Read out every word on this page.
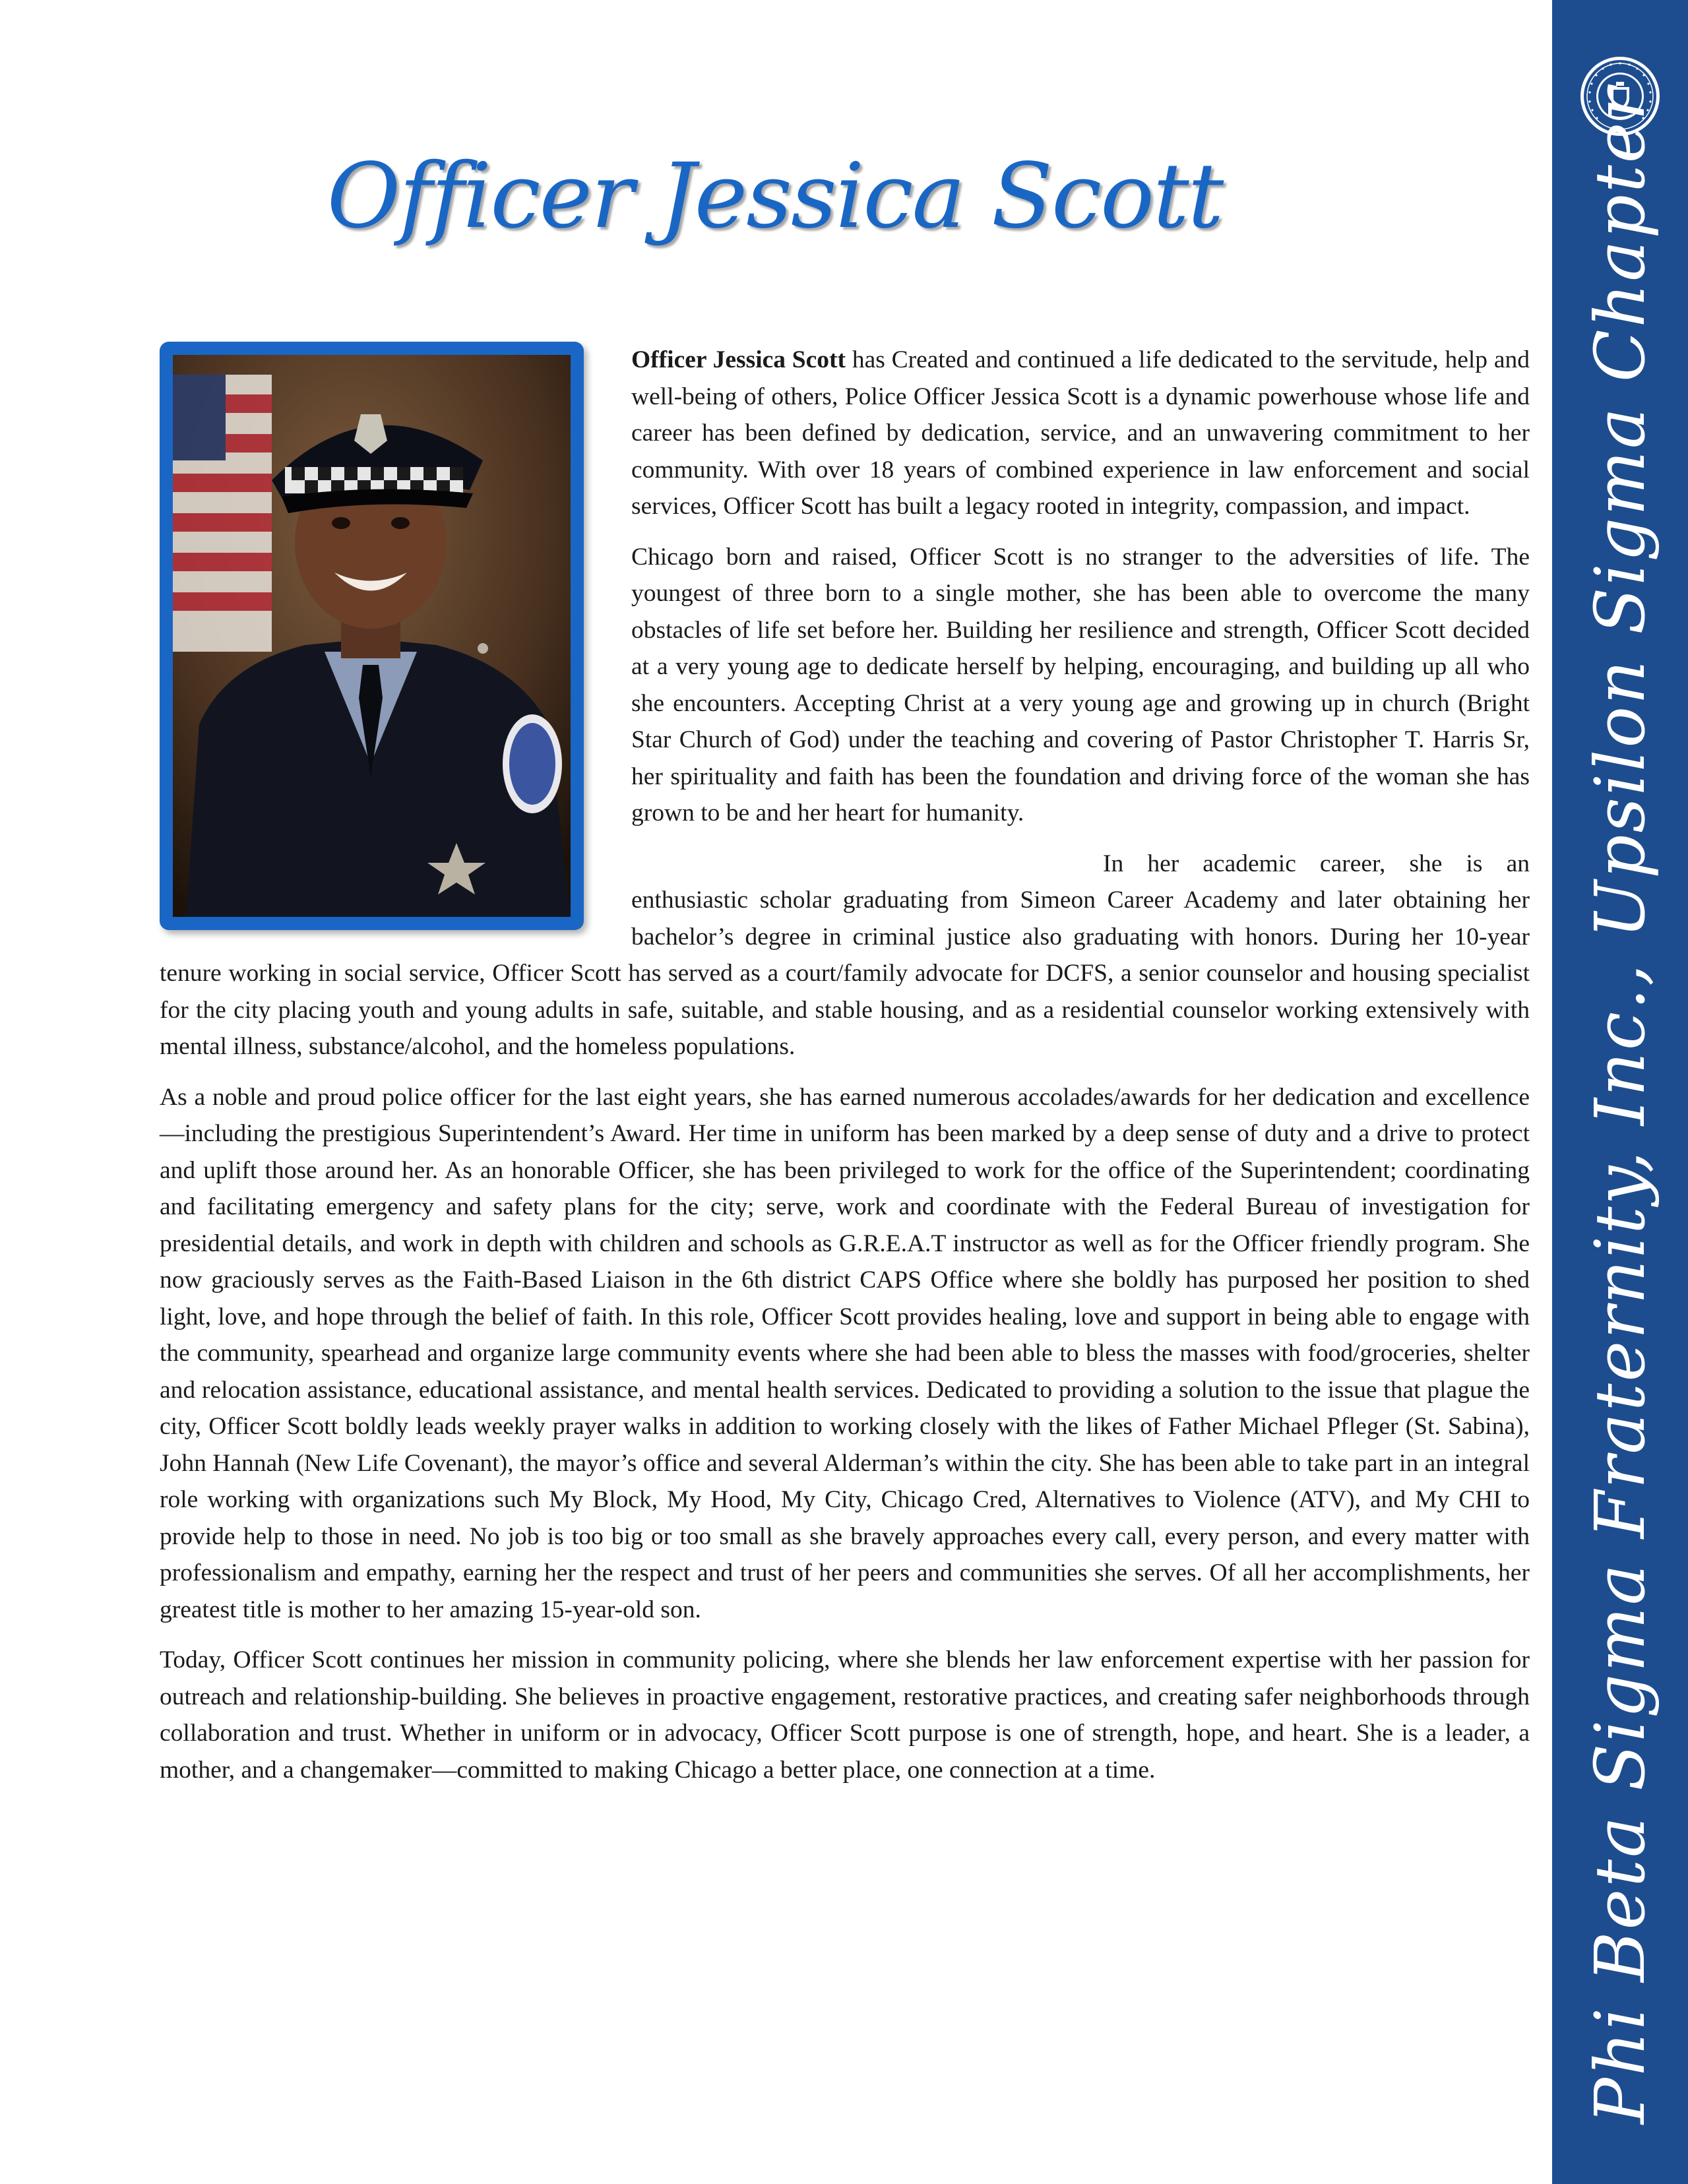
Phi Beta Sigma Fraternity, Inc., Upsilon Sigma Chapter
Officer Jessica Scott

Officer Jessica Scott has Created and continued a life dedicated to the servitude, help and well-being of others, Police Officer Jessica Scott is a dynamic powerhouse whose life and career has been defined by dedication, service, and an unwavering commitment to her community. With over 18 years of combined experience in law enforcement and social services, Officer Scott has built a legacy rooted in integrity, compassion, and impact.

Chicago born and raised, Officer Scott is no stranger to the adversities of life. The youngest of three born to a single mother, she has been able to overcome the many obstacles of life set before her. Building her resilience and strength, Officer Scott decided at a very young age to dedicate herself by helping, encouraging, and building up all who she encounters. Accepting Christ at a very young age and growing up in church (Bright Star Church of God) under the teaching and covering of Pastor Christopher T. Harris Sr, her spirituality and faith has been the foundation and driving force of the woman she has grown to be and her heart for humanity.

In her academic career, she is an enthusiastic scholar graduating from Simeon Career Academy and later obtaining her bachelor’s degree in criminal justice also graduating with honors. During her 10-year tenure working in social service, Officer Scott has served as a court/family advocate for DCFS, a senior counselor and housing specialist for the city placing youth and young adults in safe, suitable, and stable housing, and as a residential counselor working extensively with mental illness, substance/alcohol, and the homeless populations.

As a noble and proud police officer for the last eight years, she has earned numerous accolades/awards for her dedication and excellence—including the prestigious Superintendent’s Award. Her time in uniform has been marked by a deep sense of duty and a drive to protect and uplift those around her. As an honorable Officer, she has been privileged to work for the office of the Superintendent; coordinating and facilitating emergency and safety plans for the city; serve, work and coordinate with the Federal Bureau of investigation for presidential details, and work in depth with children and schools as G.R.E.A.T instructor as well as for the Officer friendly program. She now graciously serves as the Faith-Based Liaison in the 6th district CAPS Office where she boldly has purposed her position to shed light, love, and hope through the belief of faith. In this role, Officer Scott provides healing, love and support in being able to engage with the community, spearhead and organize large community events where she had been able to bless the masses with food/groceries, shelter and relocation assistance, educational assistance, and mental health services. Dedicated to providing a solution to the issue that plague the city, Officer Scott boldly leads weekly prayer walks in addition to working closely with the likes of Father Michael Pfleger (St. Sabina), John Hannah (New Life Covenant), the mayor’s office and several Alderman’s within the city. She has been able to take part in an integral role working with organizations such My Block, My Hood, My City, Chicago Cred, Alternatives to Violence (ATV), and My CHI to provide help to those in need. No job is too big or too small as she bravely approaches every call, every person, and every matter with professionalism and empathy, earning her the respect and trust of her peers and communities she serves. Of all her accomplishments, her greatest title is mother to her amazing 15-year-old son.

Today, Officer Scott continues her mission in community policing, where she blends her law enforcement expertise with her passion for outreach and relationship-building. She believes in proactive engagement, restorative practices, and creating safer neighborhoods through collaboration and trust. Whether in uniform or in advocacy, Officer Scott purpose is one of strength, hope, and heart. She is a leader, a mother, and a changemaker—committed to making Chicago a better place, one connection at a time.
